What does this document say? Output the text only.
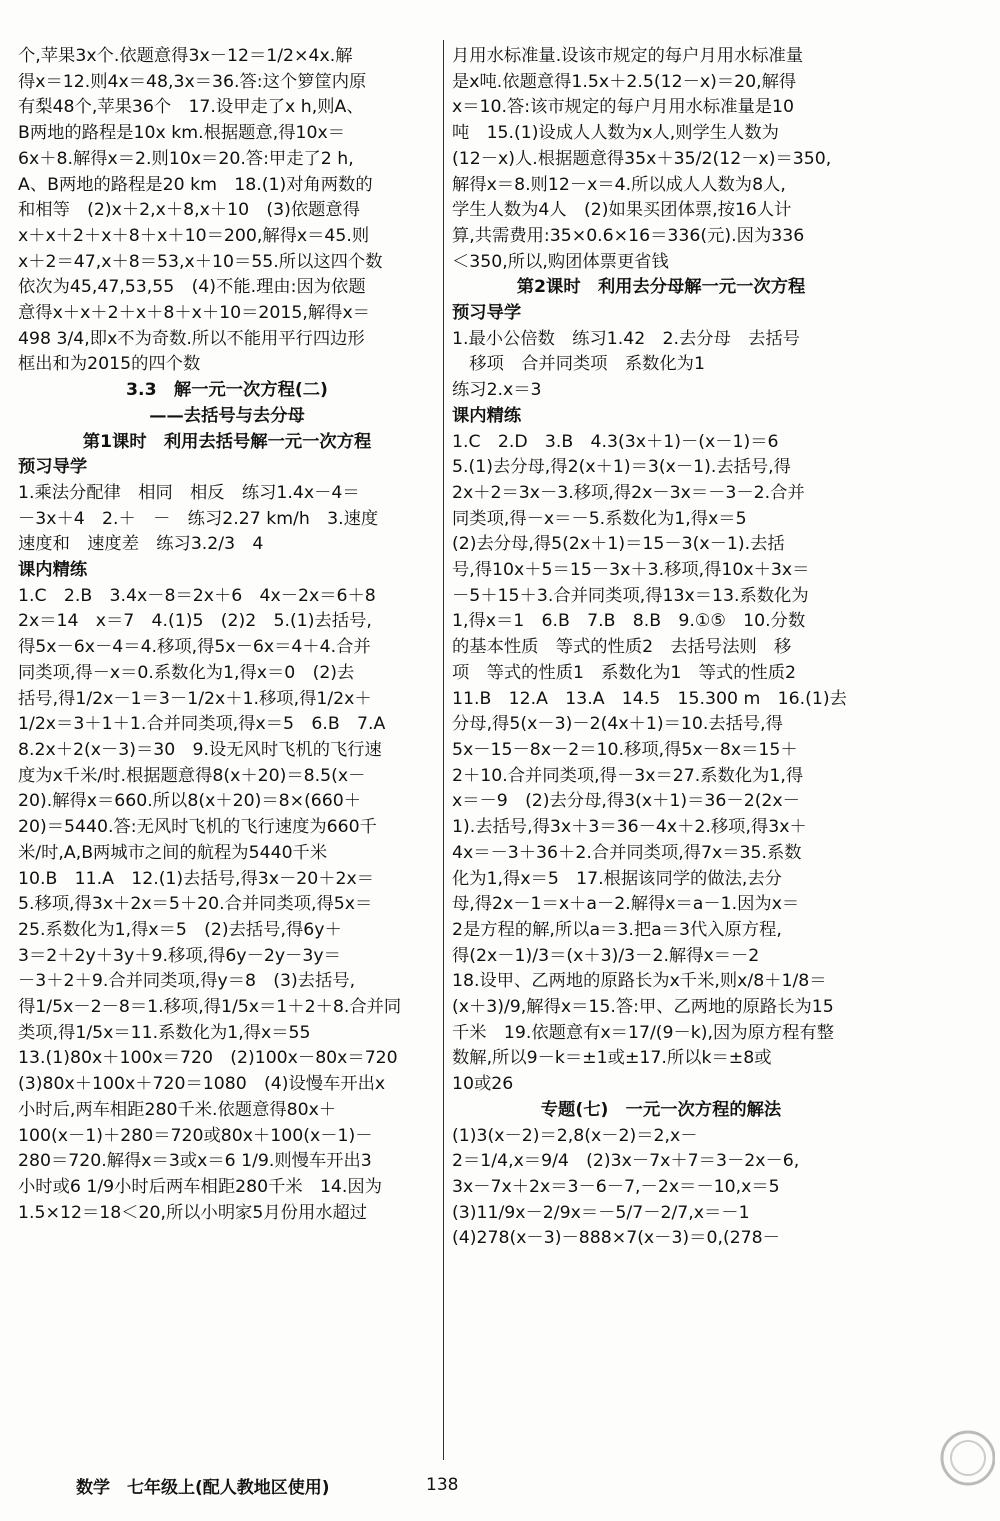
个,苹果3x个.依题意得3x－12＝1/2×4x.解
得x＝12.则4x＝48,3x＝36.答:这个箩筐内原
有梨48个,苹果36个　17.设甲走了x h,则A、
B两地的路程是10x km.根据题意,得10x＝
6x＋8.解得x＝2.则10x＝20.答:甲走了2 h,
A、B两地的路程是20 km　18.(1)对角两数的
和相等　(2)x＋2,x＋8,x＋10　(3)依题意得
x＋x＋2＋x＋8＋x＋10＝200,解得x＝45.则
x＋2＝47,x＋8＝53,x＋10＝55.所以这四个数
依次为45,47,53,55　(4)不能.理由:因为依题
意得x＋x＋2＋x＋8＋x＋10＝2015,解得x＝
498 3/4,即x不为奇数.所以不能用平行四边形
框出和为2015的四个数
3.3　解一元一次方程(二)
——去括号与去分母
第1课时　利用去括号解一元一次方程
预习导学
1.乘法分配律　相同　相反　练习1.4x－4＝
－3x＋4　2.＋　－　练习2.27 km/h　3.速度
速度和　速度差　练习3.2/3　4
课内精练
1.C　2.B　3.4x－8＝2x＋6　4x－2x＝6＋8
2x＝14　x＝7　4.(1)5　(2)2　5.(1)去括号,
得5x－6x－4＝4.移项,得5x－6x＝4＋4.合并
同类项,得－x＝0.系数化为1,得x＝0　(2)去
括号,得1/2x－1＝3－1/2x＋1.移项,得1/2x＋
1/2x＝3＋1＋1.合并同类项,得x＝5　6.B　7.A
8.2x＋2(x－3)＝30　9.设无风时飞机的飞行速
度为x千米/时.根据题意得8(x＋20)＝8.5(x－
20).解得x＝660.所以8(x＋20)＝8×(660＋
20)＝5440.答:无风时飞机的飞行速度为660千
米/时,A,B两城市之间的航程为5440千米
10.B　11.A　12.(1)去括号,得3x－20＋2x＝
5.移项,得3x＋2x＝5＋20.合并同类项,得5x＝
25.系数化为1,得x＝5　(2)去括号,得6y＋
3＝2＋2y＋3y＋9.移项,得6y－2y－3y＝
－3＋2＋9.合并同类项,得y＝8　(3)去括号,
得1/5x－2－8＝1.移项,得1/5x＝1＋2＋8.合并同
类项,得1/5x＝11.系数化为1,得x＝55
13.(1)80x＋100x＝720　(2)100x－80x＝720
(3)80x＋100x＋720＝1080　(4)设慢车开出x
小时后,两车相距280千米.依题意得80x＋
100(x－1)＋280＝720或80x＋100(x－1)－
280＝720.解得x＝3或x＝6 1/9.则慢车开出3
小时或6 1/9小时后两车相距280千米　14.因为
1.5×12＝18＜20,所以小明家5月份用水超过
月用水标准量.设该市规定的每户月用水标准量
是x吨.依题意得1.5x＋2.5(12－x)＝20,解得
x＝10.答:该市规定的每户月用水标准量是10
吨　15.(1)设成人人数为x人,则学生人数为
(12－x)人.根据题意得35x＋35/2(12－x)＝350,
解得x＝8.则12－x＝4.所以成人人数为8人,
学生人数为4人　(2)如果买团体票,按16人计
算,共需费用:35×0.6×16＝336(元).因为336
＜350,所以,购团体票更省钱
第2课时　利用去分母解一元一次方程
预习导学
1.最小公倍数　练习1.42　2.去分母　去括号
　移项　合并同类项　系数化为1
练习2.x＝3
课内精练
1.C　2.D　3.B　4.3(3x＋1)－(x－1)＝6
5.(1)去分母,得2(x＋1)＝3(x－1).去括号,得
2x＋2＝3x－3.移项,得2x－3x＝－3－2.合并
同类项,得－x＝－5.系数化为1,得x＝5
(2)去分母,得5(2x＋1)＝15－3(x－1).去括
号,得10x＋5＝15－3x＋3.移项,得10x＋3x＝
－5＋15＋3.合并同类项,得13x＝13.系数化为
1,得x＝1　6.B　7.B　8.B　9.①⑤　10.分数
的基本性质　等式的性质2　去括号法则　移
项　等式的性质1　系数化为1　等式的性质2
11.B　12.A　13.A　14.5　15.300 m　16.(1)去
分母,得5(x－3)－2(4x＋1)＝10.去括号,得
5x－15－8x－2＝10.移项,得5x－8x＝15＋
2＋10.合并同类项,得－3x＝27.系数化为1,得
x＝－9　(2)去分母,得3(x＋1)＝36－2(2x－
1).去括号,得3x＋3＝36－4x＋2.移项,得3x＋
4x＝－3＋36＋2.合并同类项,得7x＝35.系数
化为1,得x＝5　17.根据该同学的做法,去分
母,得2x－1＝x＋a－2.解得x＝a－1.因为x＝
2是方程的解,所以a＝3.把a＝3代入原方程,
得(2x－1)/3＝(x＋3)/3－2.解得x＝－2
18.设甲、乙两地的原路长为x千米,则x/8＋1/8＝
(x＋3)/9,解得x＝15.答:甲、乙两地的原路长为15
千米　19.依题意有x＝17/(9－k),因为原方程有整
数解,所以9－k＝±1或±17.所以k＝±8或
10或26
专题(七)　一元一次方程的解法
(1)3(x－2)＝2,8(x－2)＝2,x－
2＝1/4,x＝9/4　(2)3x－7x＋7＝3－2x－6,
3x－7x＋2x＝3－6－7,－2x＝－10,x＝5
(3)11/9x－2/9x＝－5/7－2/7,x＝－1
(4)278(x－3)－888×7(x－3)＝0,(278－
数学　七年级上(配人教地区使用)	138
